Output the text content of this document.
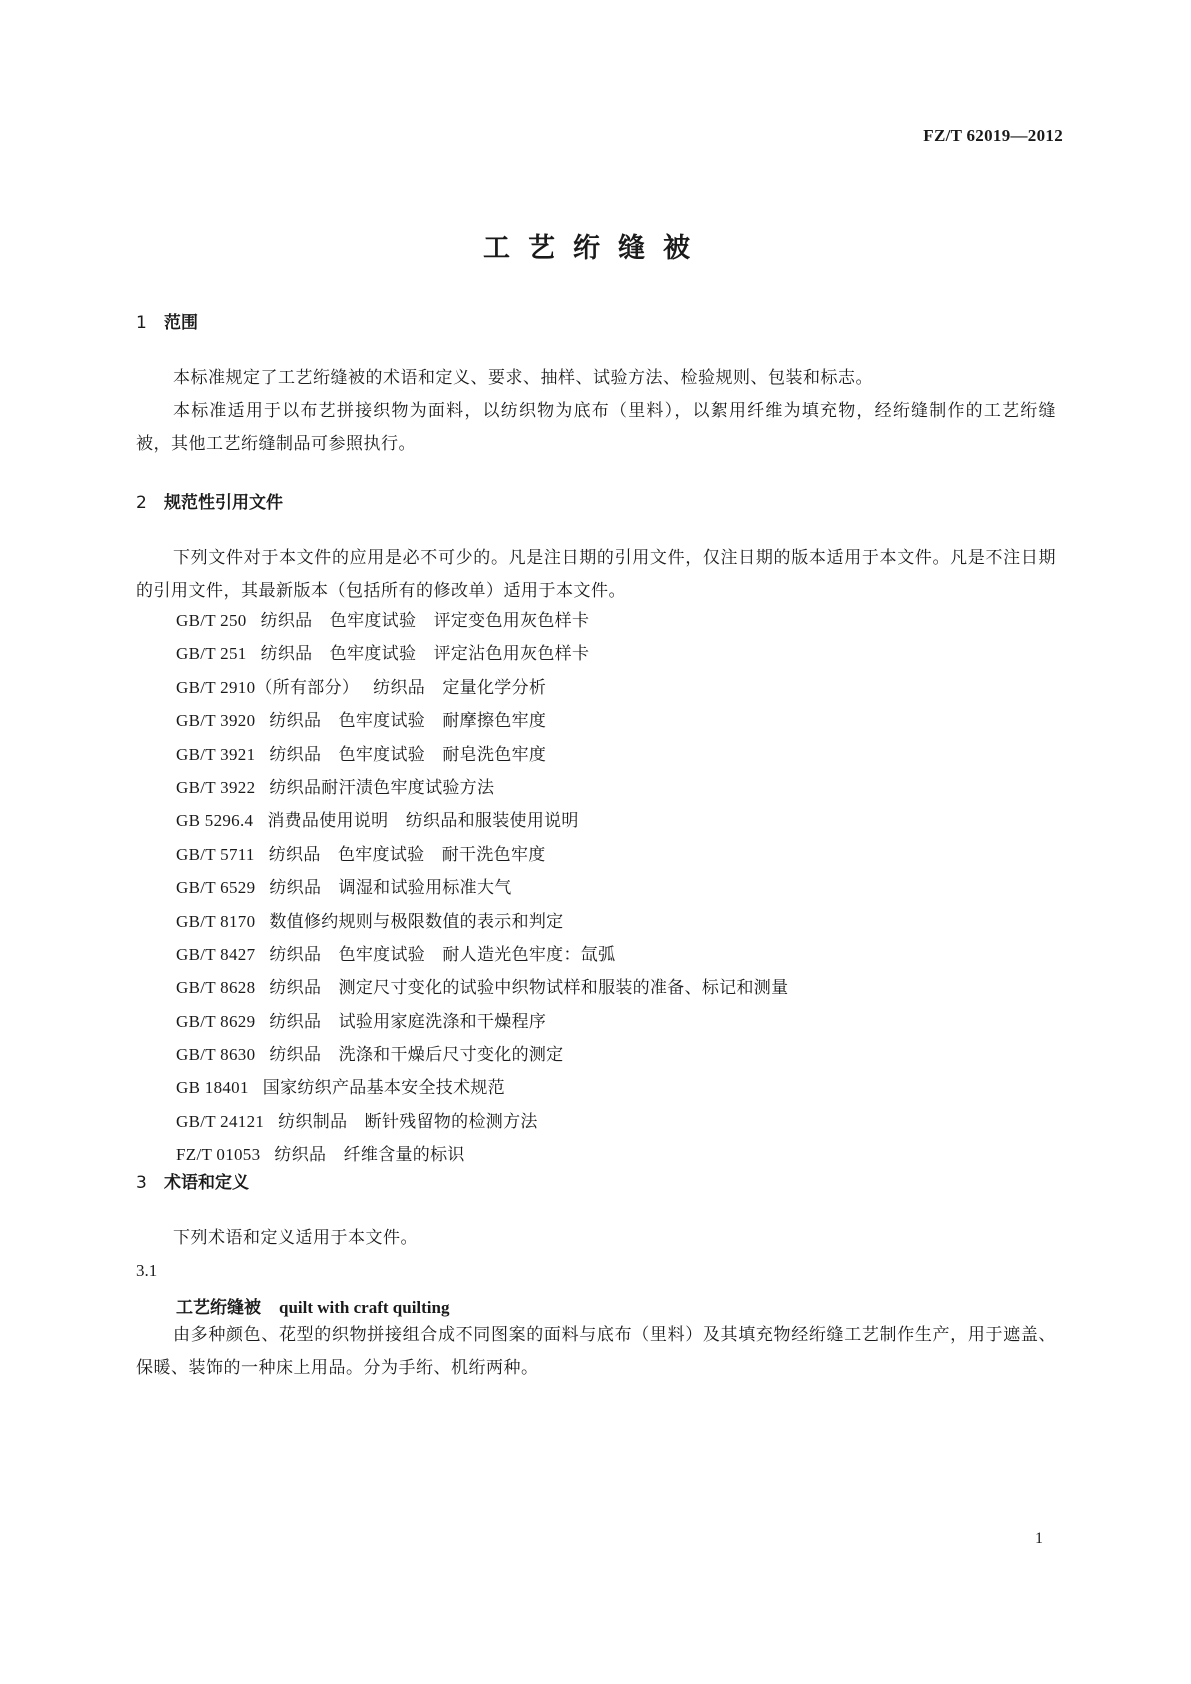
FZ/T 62019—2012
工艺绗缝被
1 范围
本标准规定了工艺绗缝被的术语和定义、要求、抽样、试验方法、检验规则、包装和标志。
本标准适用于以布艺拼接织物为面料，以纺织物为底布（里料），以絮用纤维为填充物，经绗缝制作的工艺绗缝被，其他工艺绗缝制品可参照执行。
2 规范性引用文件
下列文件对于本文件的应用是必不可少的。凡是注日期的引用文件，仅注日期的版本适用于本文件。凡是不注日期的引用文件，其最新版本（包括所有的修改单）适用于本文件。
GB/T 250 纺织品　色牢度试验　评定变色用灰色样卡
GB/T 251 纺织品　色牢度试验　评定沾色用灰色样卡
GB/T 2910（所有部分） 纺织品　定量化学分析
GB/T 3920 纺织品　色牢度试验　耐摩擦色牢度
GB/T 3921 纺织品　色牢度试验　耐皂洗色牢度
GB/T 3922 纺织品耐汗渍色牢度试验方法
GB 5296.4 消费品使用说明　纺织品和服装使用说明
GB/T 5711 纺织品　色牢度试验　耐干洗色牢度
GB/T 6529 纺织品　调湿和试验用标准大气
GB/T 8170 数值修约规则与极限数值的表示和判定
GB/T 8427 纺织品　色牢度试验　耐人造光色牢度：氙弧
GB/T 8628 纺织品　测定尺寸变化的试验中织物试样和服装的准备、标记和测量
GB/T 8629 纺织品　试验用家庭洗涤和干燥程序
GB/T 8630 纺织品　洗涤和干燥后尺寸变化的测定
GB 18401 国家纺织产品基本安全技术规范
GB/T 24121 纺织制品　断针残留物的检测方法
FZ/T 01053 纺织品　纤维含量的标识
3 术语和定义
下列术语和定义适用于本文件。
3.1
工艺绗缝被 quilt with craft quilting
由多种颜色、花型的织物拼接组合成不同图案的面料与底布（里料）及其填充物经绗缝工艺制作生产，用于遮盖、保暖、装饰的一种床上用品。分为手绗、机绗两种。
1
